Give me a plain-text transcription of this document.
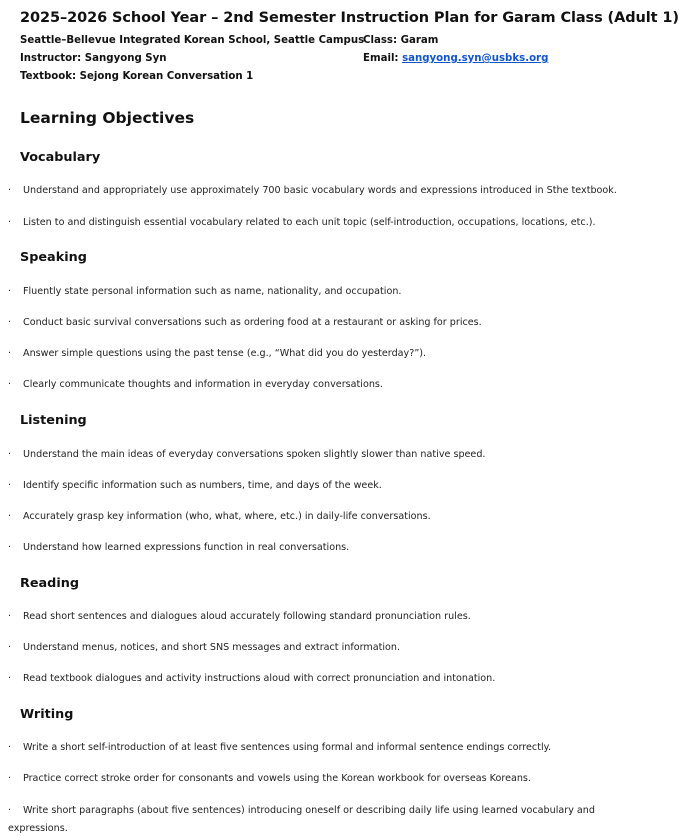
2025–2026 School Year – 2nd Semester Instruction Plan for Garam Class (Adult 1)
Seattle–Bellevue Integrated Korean School, Seattle Campus
Class: Garam
Instructor: Sangyong Syn	Email: sangyong.syn@usbks.org
Textbook: Sejong Korean Conversation 1
Learning Objectives
Vocabulary
· Understand and appropriately use approximately 700 basic vocabulary words and expressions introduced in Sthe textbook.
· Listen to and distinguish essential vocabulary related to each unit topic (self-introduction, occupations, locations, etc.).
Speaking
· Fluently state personal information such as name, nationality, and occupation.
· Conduct basic survival conversations such as ordering food at a restaurant or asking for prices.
· Answer simple questions using the past tense (e.g., “What did you do yesterday?”).
· Clearly communicate thoughts and information in everyday conversations.
Listening
· Understand the main ideas of everyday conversations spoken slightly slower than native speed.
· Identify specific information such as numbers, time, and days of the week.
· Accurately grasp key information (who, what, where, etc.) in daily-life conversations.
· Understand how learned expressions function in real conversations.
Reading
· Read short sentences and dialogues aloud accurately following standard pronunciation rules.
· Understand menus, notices, and short SNS messages and extract information.
· Read textbook dialogues and activity instructions aloud with correct pronunciation and intonation.
Writing
· Write a short self-introduction of at least five sentences using formal and informal sentence endings correctly.
· Practice correct stroke order for consonants and vowels using the Korean workbook for overseas Koreans.
· Write short paragraphs (about five sentences) introducing oneself or describing daily life using learned vocabulary and
expressions.
